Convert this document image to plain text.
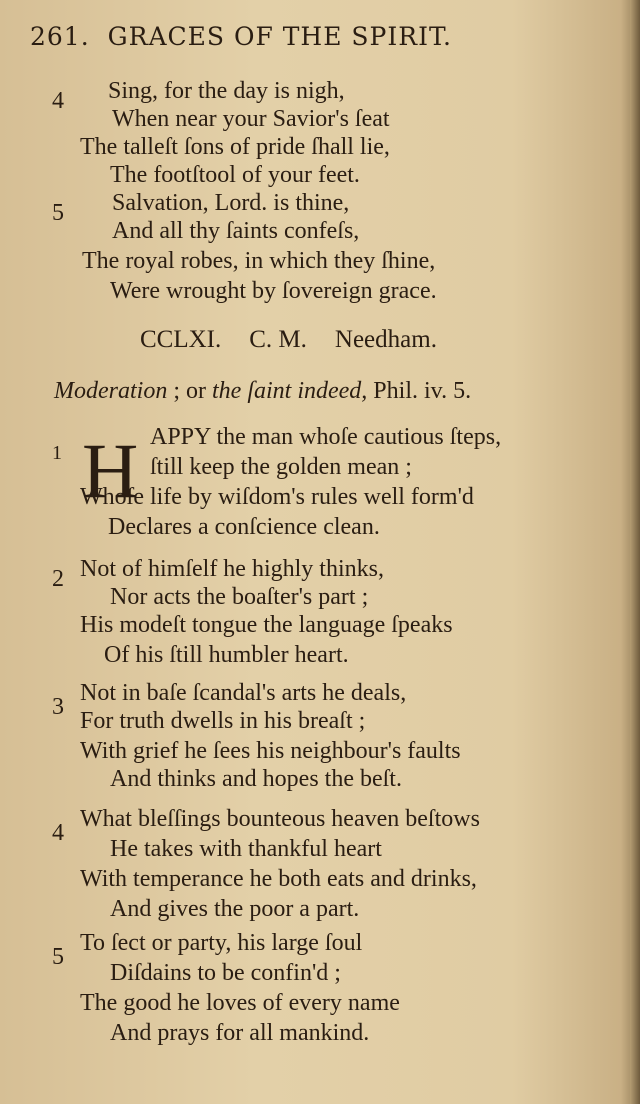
261. GRACES OF THE SPIRIT.
4 Sing, for the day is nigh,
When near your Savior's ſeat
The talleſt ſons of pride ſhall lie,
The footſtool of your feet.
5 Salvation, Lord. is thine,
And all thy ſaints confeſs,
The royal robes, in which they ſhine,
Were wrought by ſovereign grace.
CCLXI. C. M. Needham.
Moderation ; or the ſaint indeed, Phil. iv. 5.
1 H APPY the man whoſe cautious ſteps,
ſtill keep the golden mean ;
Whoſe life by wiſdom's rules well form'd
Declares a conſcience clean.
2 Not of himſelf he highly thinks,
Nor acts the boaſter's part ;
His modeſt tongue the language ſpeaks
Of his ſtill humbler heart.
3
Not in baſe ſcandal's arts he deals,
For truth dwells in his breaſt ;
With grief he ſees his neighbour's faults
And thinks and hopes the beſt.
4
What bleſſings bounteous heaven beſtows
He takes with thankful heart
With temperance he both eats and drinks,
And gives the poor a part.
5
To ſect or party, his large ſoul
Diſdains to be confin'd ;
The good he loves of every name
And prays for all mankind.
